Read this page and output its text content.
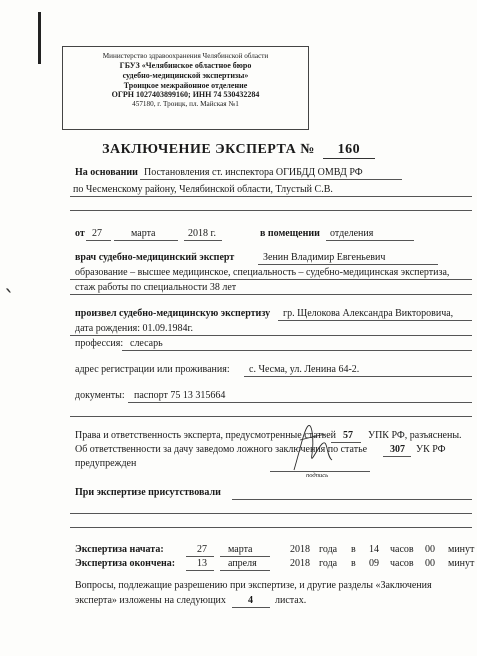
ˎ
Министерство здравоохранения Челябинской области
ГБУЗ «Челябинское областное бюро
судебно-медицинской экспертизы»
Троицкое межрайонное отделение
ОГРН 1027403899160; ИНН 74 530432284
457180, г. Троицк, пл. Майская №1
ЗАКЛЮЧЕНИЕ ЭКСПЕРТА № 160
На основании Постановления ст. инспектора ОГИБДД ОМВД РФ
по Чесменскому району, Челябинской области, Тлустый С.В.
от 27	марта	2018 г.	в помещении отделения
врач судебно-медицинский эксперт	Зенин Владимир Евгеньевич
образование – высшее медицинское, специальность – судебно-медицинская экспертиза,
стаж работы по специальности 38 лет
произвел судебно-медицинскую экспертизу гр. Щелокова Александра Викторовича,
дата рождения: 01.09.1984г.
профессия: слесарь
адрес регистрации или проживания: с. Чесма, ул. Ленина 64-2.
документы: паспорт 75 13 315664
Права и ответственность эксперта, предусмотренные статьей 57 УПК РФ, разъяснены.
Об ответственности за дачу заведомо ложного заключения по статье 307 УК РФ
предупрежден
подпись
При экспертизе присутствовали
Экспертиза начата:	27 марта	2018 года в 14 часов 00 минут
Экспертиза окончена: 13 апреля	2018 года в 09 часов 00 минут
Вопросы, подлежащие разрешению при экспертизе, и другие разделы «Заключения
эксперта» изложены на следующих 4 листах.
